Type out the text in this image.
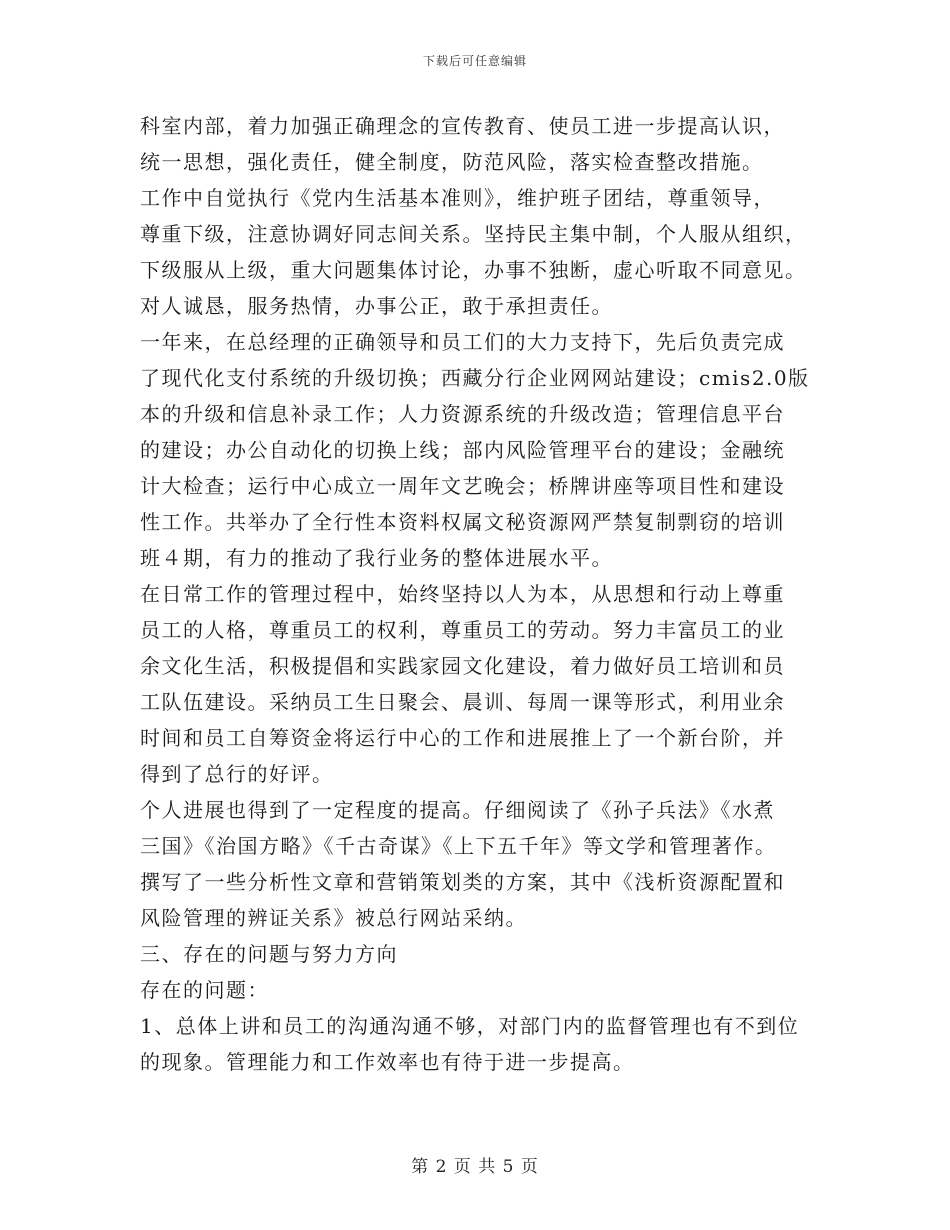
下载后可任意编辑
科室内部，着力加强正确理念的宣传教育、使员工进一步提高认识，
统一思想，强化责任，健全制度，防范风险，落实检查整改措施。
工作中自觉执行《党内生活基本准则》，维护班子团结，尊重领导，
尊重下级，注意协调好同志间关系。坚持民主集中制，个人服从组织，
下级服从上级，重大问题集体讨论，办事不独断，虚心听取不同意见。
对人诚恳，服务热情，办事公正，敢于承担责任。
一年来，在总经理的正确领导和员工们的大力支持下，先后负责完成
了现代化支付系统的升级切换；西藏分行企业网网站建设；cmis2.0版
本的升级和信息补录工作；人力资源系统的升级改造；管理信息平台
的建设；办公自动化的切换上线；部内风险管理平台的建设；金融统
计大检查；运行中心成立一周年文艺晚会；桥牌讲座等项目性和建设
性工作。共举办了全行性本资料权属文秘资源网严禁复制剽窃的培训
班４期，有力的推动了我行业务的整体进展水平。
在日常工作的管理过程中，始终坚持以人为本，从思想和行动上尊重
员工的人格，尊重员工的权利，尊重员工的劳动。努力丰富员工的业
余文化生活，积极提倡和实践家园文化建设，着力做好员工培训和员
工队伍建设。采纳员工生日聚会、晨训、每周一课等形式，利用业余
时间和员工自筹资金将运行中心的工作和进展推上了一个新台阶，并
得到了总行的好评。
个人进展也得到了一定程度的提高。仔细阅读了《孙子兵法》《水煮
三国》《治国方略》《千古奇谋》《上下五千年》等文学和管理著作。
撰写了一些分析性文章和营销策划类的方案，其中《浅析资源配置和
风险管理的辨证关系》被总行网站采纳。
三、存在的问题与努力方向
存在的问题：
1、总体上讲和员工的沟通沟通不够，对部门内的监督管理也有不到位
的现象。管理能力和工作效率也有待于进一步提高。
第 2 页 共 5 页
